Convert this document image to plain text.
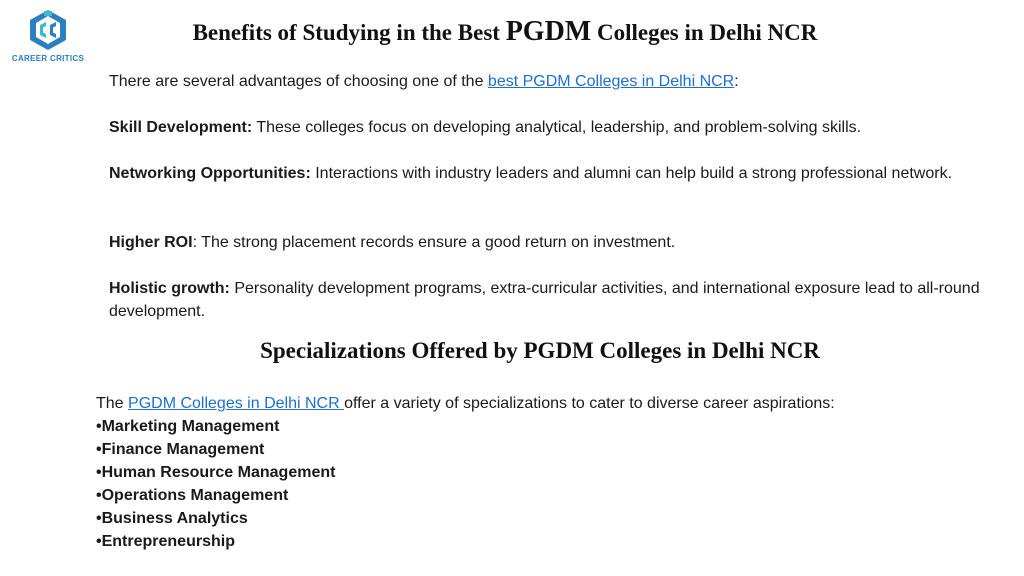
CAREER CRITICS
Benefits of Studying in the Best PGDM Colleges in Delhi NCR
There are several advantages of choosing one of the best PGDM Colleges in Delhi NCR:
Skill Development: These colleges focus on developing analytical, leadership, and problem-solving skills.
Networking Opportunities: Interactions with industry leaders and alumni can help build a strong professional network.
Higher ROI: The strong placement records ensure a good return on investment.
Holistic growth: Personality development programs, extra-curricular activities, and international exposure lead to all-round development.
Specializations Offered by PGDM Colleges in Delhi NCR
The PGDM Colleges in Delhi NCR offer a variety of specializations to cater to diverse career aspirations:
•Marketing Management
•Finance Management
•Human Resource Management
•Operations Management
•Business Analytics
•Entrepreneurship
